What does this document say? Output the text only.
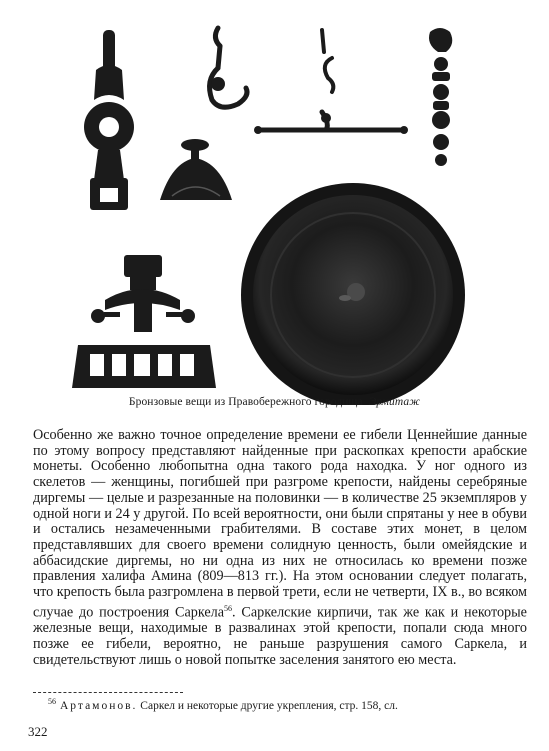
Бронзовые вещи из Правобережного городища Эрмитаж
Особенно же важно точное определение времени ее гибели Ценнейшие данные по этому вопросу представляют найденные при раскопках крепости арабские монеты. Особенно любопытна одна такого рода находка. У ног одного из скелетов — женщины, погибшей при разгроме крепости, найдены серебряные диргемы — целые и разрезанные на половинки — в количестве 25 экземпляров у одной ноги и 24 у другой. По всей вероятности, они были спрятаны у нее в обуви и остались незамеченными грабителями. В составе этих монет, в целом представлявших для своего времени солидную ценность, были омейядские и аббасидские диргемы, но ни одна из них не относилась ко времени позже правления халифа Амина (809—813 гг.). На этом основании следует полагать, что крепость была разгромлена в первой трети, если не четверти, IX в., во всяком случае до построения Саркела$^{56}$. Саркелские кирпичи, так же как и некоторые железные вещи, находимые в развалинах этой крепости, попали сюда много позже ее гибели, вероятно, не раньше разрушения самого Саркела, и свидетельствуют лишь о новой попытке заселения занятого ею места.
$^{56}$ Артамонов. Саркел и некоторые другие укрепления, стр. 158, сл.
322
